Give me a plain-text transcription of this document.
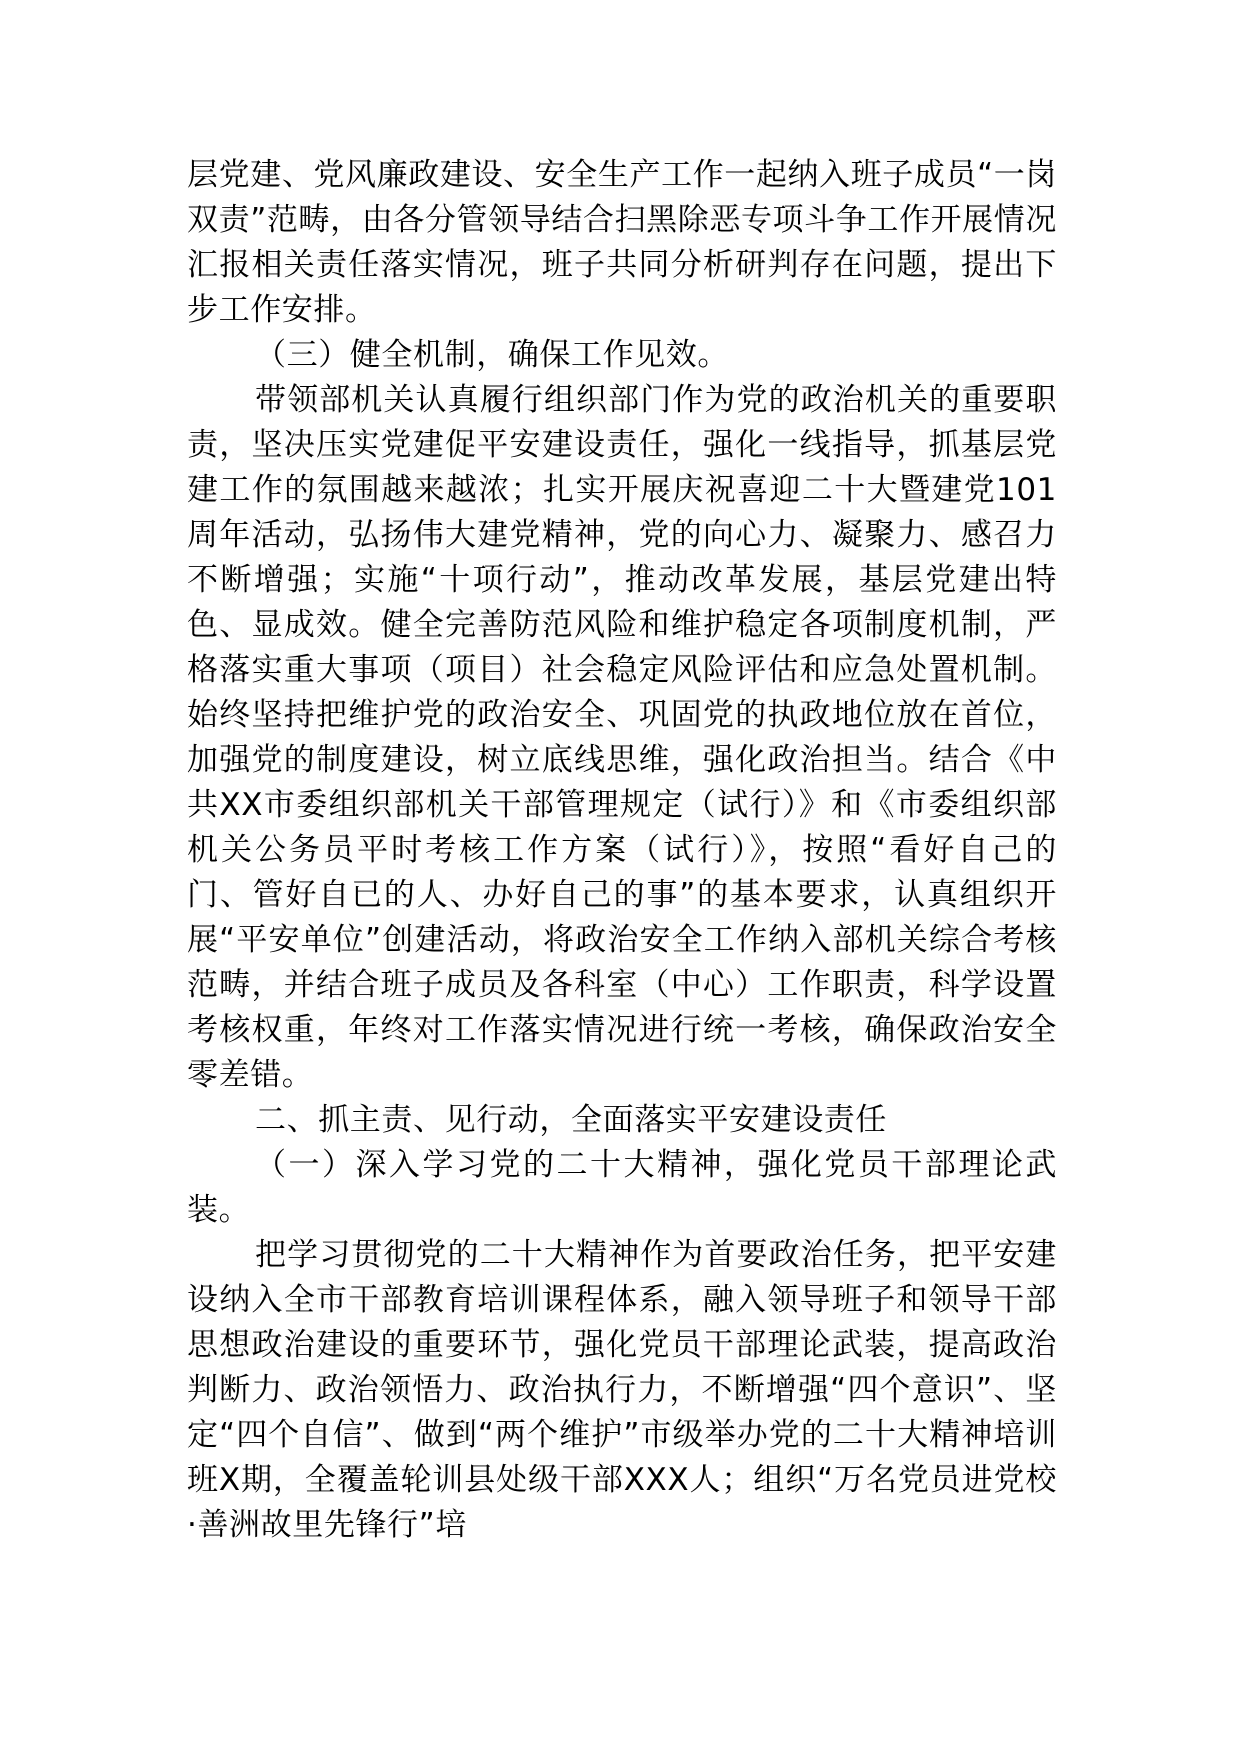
层党建、党风廉政建设、安全生产工作一起纳入班子成员“一岗双责”范畴，由各分管领导结合扫黑除恶专项斗争工作开展情况汇报相关责任落实情况，班子共同分析研判存在问题，提出下步工作安排。

（三）健全机制，确保工作见效。

带领部机关认真履行组织部门作为党的政治机关的重要职责，坚决压实党建促平安建设责任，强化一线指导，抓基层党建工作的氛围越来越浓；扎实开展庆祝喜迎二十大暨建党101周年活动，弘扬伟大建党精神，党的向心力、凝聚力、感召力不断增强；实施“十项行动”，推动改革发展，基层党建出特色、显成效。健全完善防范风险和维护稳定各项制度机制，严格落实重大事项（项目）社会稳定风险评估和应急处置机制。始终坚持把维护党的政治安全、巩固党的执政地位放在首位，加强党的制度建设，树立底线思维，强化政治担当。结合《中共XX市委组织部机关干部管理规定（试行）》和《市委组织部机关公务员平时考核工作方案（试行）》，按照“看好自己的门、管好自已的人、办好自己的事”的基本要求，认真组织开展“平安单位”创建活动，将政治安全工作纳入部机关综合考核范畴，并结合班子成员及各科室（中心）工作职责，科学设置考核权重，年终对工作落实情况进行统一考核，确保政治安全零差错。

二、抓主责、见行动，全面落实平安建设责任

（一）深入学习党的二十大精神，强化党员干部理论武装。

把学习贯彻党的二十大精神作为首要政治任务，把平安建设纳入全市干部教育培训课程体系，融入领导班子和领导干部思想政治建设的重要环节，强化党员干部理论武装，提高政治判断力、政治领悟力、政治执行力，不断增强“四个意识”、坚定“四个自信”、做到“两个维护”市级举办党的二十大精神培训班X期，全覆盖轮训县处级干部XXX人；组织“万名党员进党校·善洲故里先锋行”培
